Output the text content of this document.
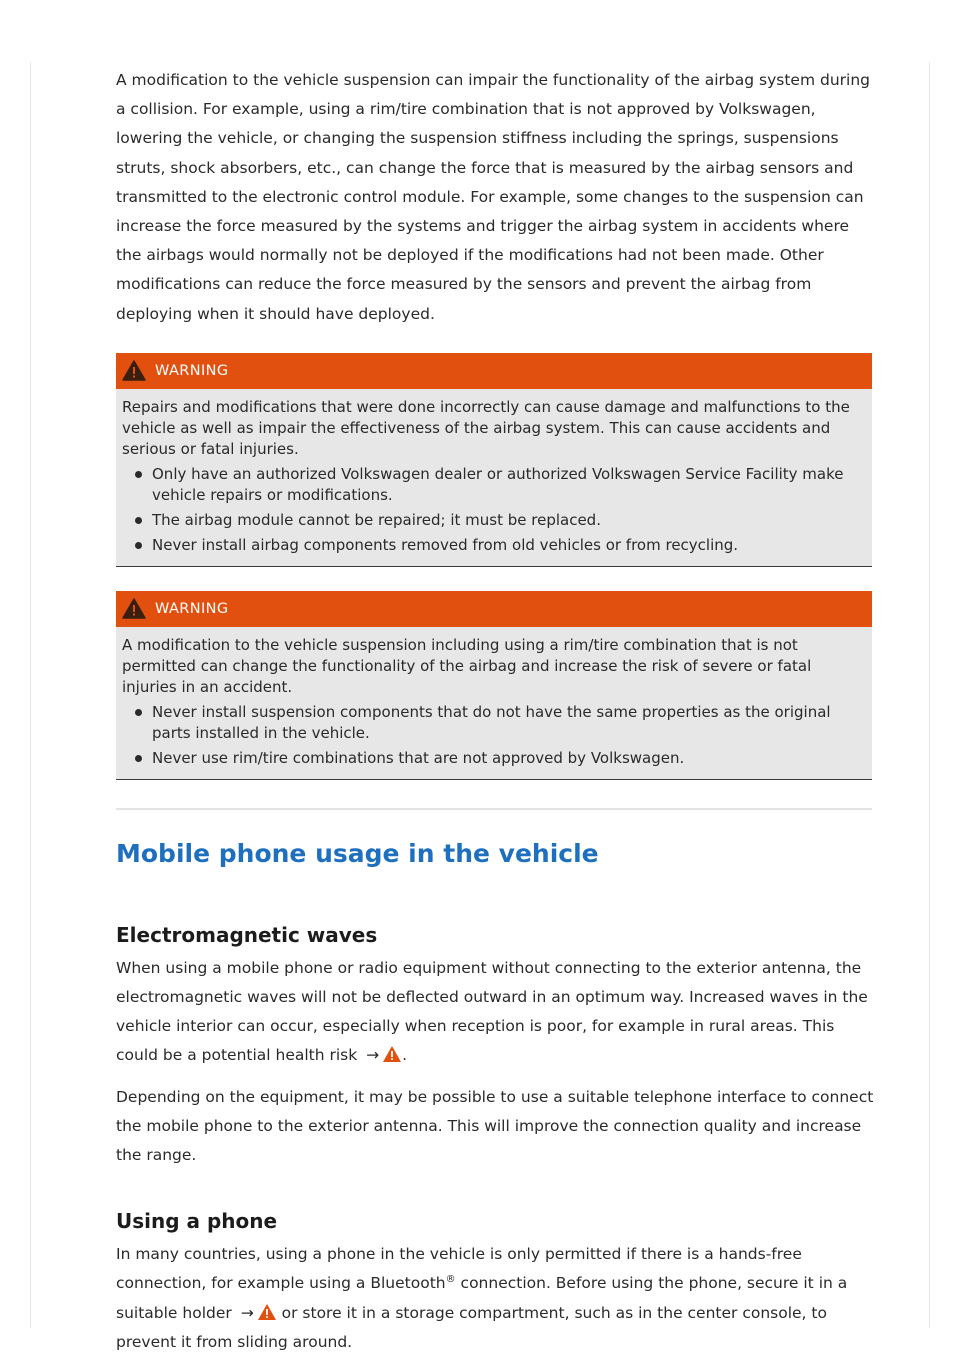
A modification to the vehicle suspension can impair the functionality of the airbag system during a collision. For example, using a rim/tire combination that is not approved by Volkswagen, lowering the vehicle, or changing the suspension stiffness including the springs, suspensions struts, shock absorbers, etc., can change the force that is measured by the airbag sensors and transmitted to the electronic control module. For example, some changes to the suspension can increase the force measured by the systems and trigger the airbag system in accidents where the airbags would normally not be deployed if the modifications had not been made. Other modifications can reduce the force measured by the sensors and prevent the airbag from deploying when it should have deployed.

WARNING

Repairs and modifications that were done incorrectly can cause damage and malfunctions to the vehicle as well as impair the effectiveness of the airbag system. This can cause accidents and serious or fatal injuries.

Only have an authorized Volkswagen dealer or authorized Volkswagen Service Facility make vehicle repairs or modifications.
The airbag module cannot be repaired; it must be replaced.
Never install airbag components removed from old vehicles or from recycling.
WARNING

A modification to the vehicle suspension including using a rim/tire combination that is not permitted can change the functionality of the airbag and increase the risk of severe or fatal injuries in an accident.

Never install suspension components that do not have the same properties as the original parts installed in the vehicle.
Never use rim/tire combinations that are not approved by Volkswagen.
Mobile phone usage in the vehicle
Electromagnetic waves

When using a mobile phone or radio equipment without connecting to the exterior antenna, the electromagnetic waves will not be deflected outward in an optimum way. Increased waves in the vehicle interior can occur, especially when reception is poor, for example in rural areas. This could be a potential health risk → .

Depending on the equipment, it may be possible to use a suitable telephone interface to connect the mobile phone to the exterior antenna. This will improve the connection quality and increase the range.

Using a phone

In many countries, using a phone in the vehicle is only permitted if there is a hands-free connection, for example using a Bluetooth® connection. Before using the phone, secure it in a suitable holder → or store it in a storage compartment, such as in the center console, to prevent it from sliding around.
